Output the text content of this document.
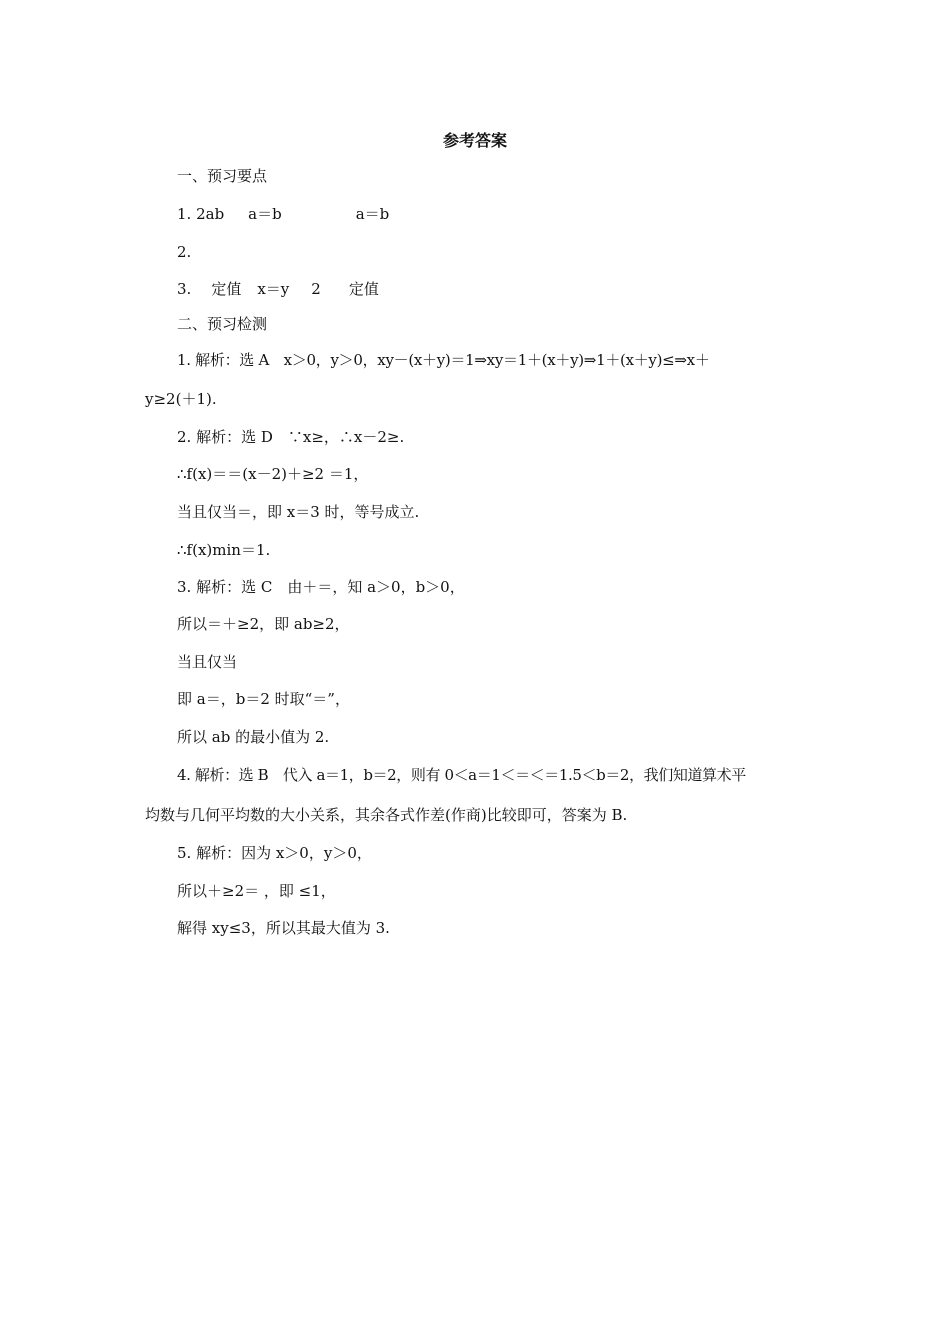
参考答案
一、预习要点
1. 2ab a＝b	a＝b
2.
3. 定值 x＝y 2 定值
二、预习检测
1. 解析：选 A　x＞0，y＞0，xy－(x＋y)＝1⇒xy＝1＋(x＋y)⇒1＋(x＋y)≤⇒x＋
y≥2(＋1).
2. 解析：选 D　∵x≥，∴x－2≥.
∴f(x)＝＝(x－2)＋≥2 ＝1，
当且仅当＝，即 x＝3 时，等号成立.
∴f(x)min＝1.
3. 解析：选 C　由＋＝，知 a＞0，b＞0，
所以＝＋≥2，即 ab≥2，
当且仅当
即 a＝，b＝2 时取“＝”，
所以 ab 的最小值为 2.
4. 解析：选 B　代入 a＝1，b＝2，则有 0＜a＝1＜＝＜＝1.5＜b＝2，我们知道算术平
均数与几何平均数的大小关系，其余各式作差(作商)比较即可，答案为 B.
5. 解析：因为 x＞0，y＞0，
所以＋≥2＝ ，即 ≤1，
解得 xy≤3，所以其最大值为 3.
